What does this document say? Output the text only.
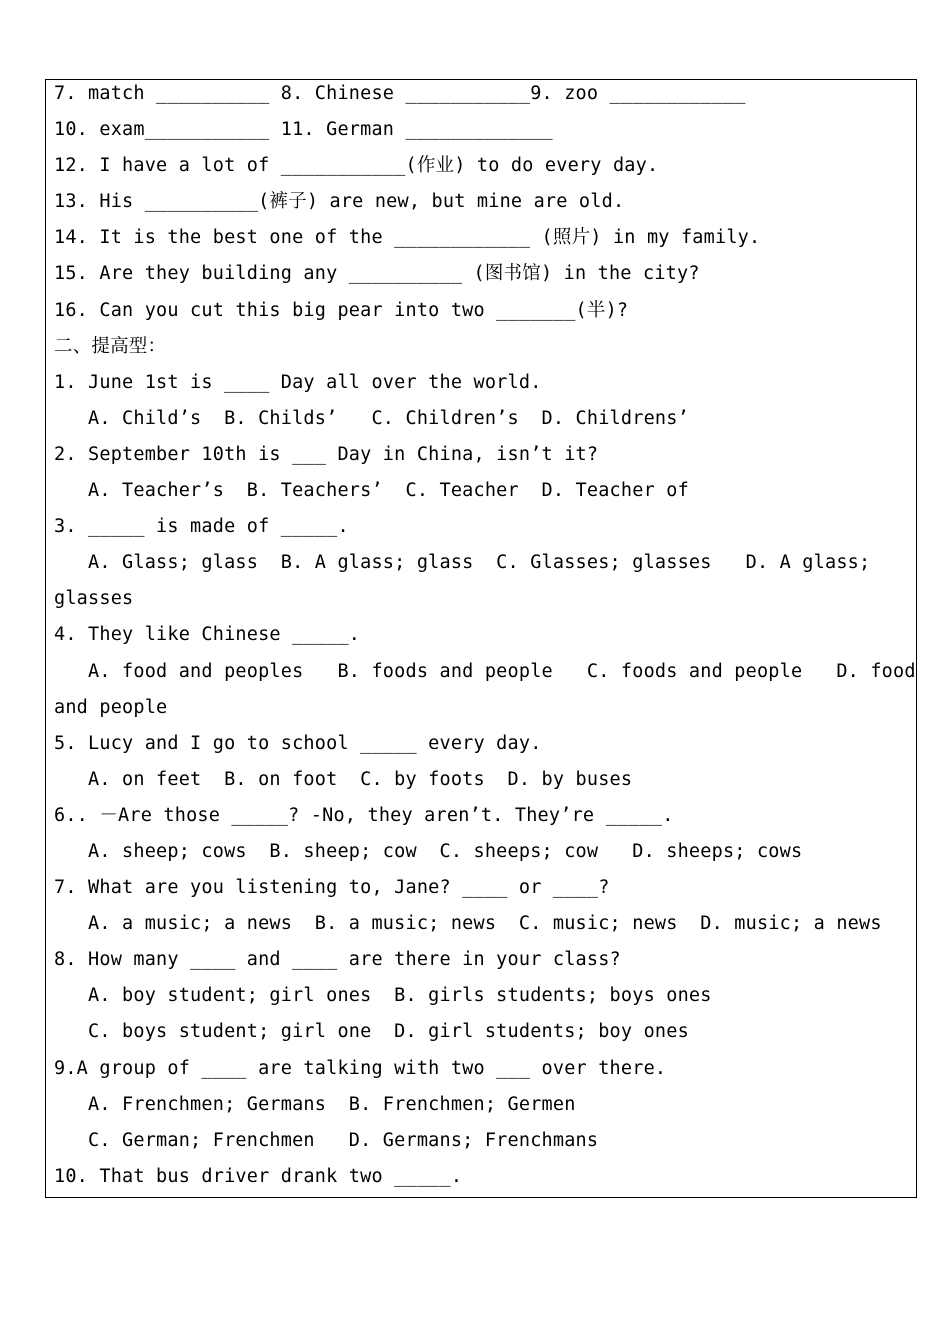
7. match __________ 8. Chinese ___________9. zoo ____________
10. exam___________ 11. German _____________
12. I have a lot of ___________(作业) to do every day.
13. His __________(裤子) are new, but mine are old.
14. It is the best one of the ____________ (照片) in my family.
15. Are they building any __________ (图书馆) in the city?
16. Can you cut this big pear into two _______(半)?
二、提高型：
1. June 1st is ____ Day all over the world.
A. Child’s  B. Childs’   C. Children’s  D. Childrens’
2. September 10th is ___ Day in China, isn’t it?
A. Teacher’s  B. Teachers’  C. Teacher  D. Teacher of
3. _____ is made of _____.
A. Glass; glass  B. A glass; glass  C. Glasses; glasses   D. A glass;
glasses
4. They like Chinese _____.
A. food and peoples   B. foods and people   C. foods and people   D. food
and people
5. Lucy and I go to school _____ every day.
A. on feet  B. on foot  C. by foots  D. by buses
6.. －Are those _____? -No, they aren’t. They’re _____.
A. sheep; cows  B. sheep; cow  C. sheeps; cow   D. sheeps; cows
7. What are you listening to, Jane? ____ or ____?
A. a music; a news  B. a music; news  C. music; news  D. music; a news
8. How many ____ and ____ are there in your class?
A. boy student; girl ones  B. girls students; boys ones
C. boys student; girl one  D. girl students; boy ones
9.A group of ____ are talking with two ___ over there.
A. Frenchmen; Germans  B. Frenchmen; Germen
C. German; Frenchmen   D. Germans; Frenchmans
10. That bus driver drank two _____.
